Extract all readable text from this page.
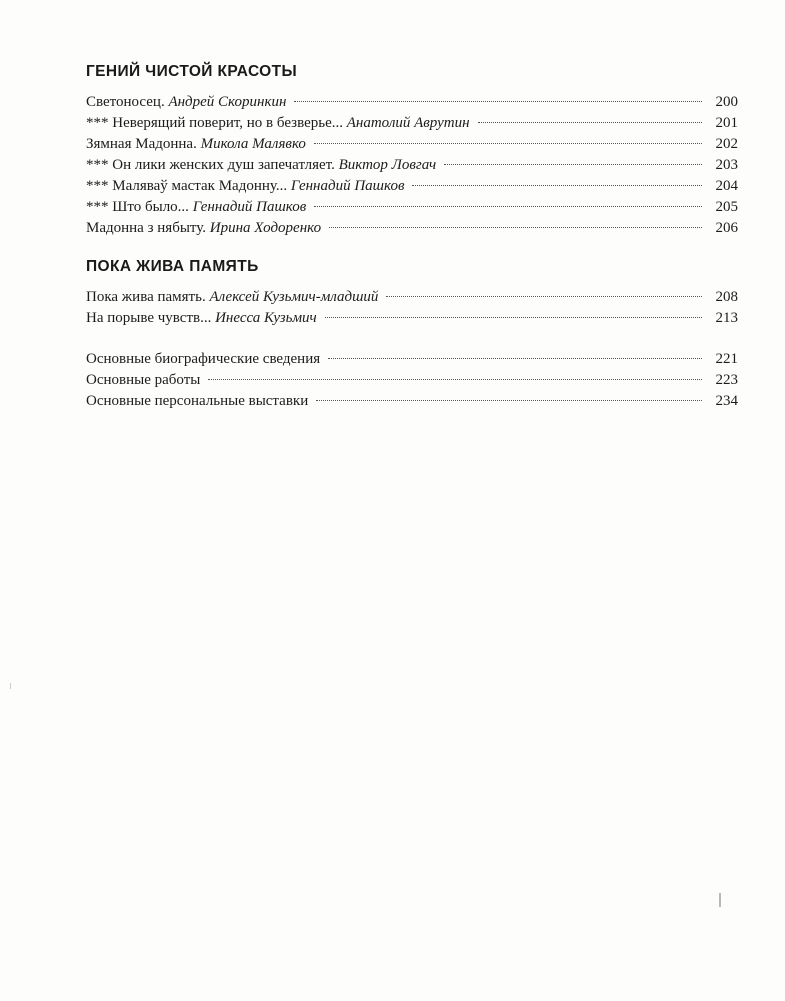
ГЕНИЙ ЧИСТОЙ КРАСОТЫ
Светоносец. Андрей Скоринкин	200
*** Неверящий поверит, но в безверье... Анатолий Аврутин	201
Зямная Мадонна. Микола Малявко	202
*** Он лики женских душ запечатляет. Виктор Ловгач	203
*** Маляваў мастак Мадонну... Геннадий Пашков	204
*** Што было... Геннадий Пашков	205
Мадонна з нябыту. Ирина Ходоренко	206
ПОКА ЖИВА ПАМЯТЬ
Пока жива память. Алексей Кузьмич-младший	208
На порыве чувств... Инесса Кузьмич	213
Основные биографические сведения	221
Основные работы	223
Основные персональные выставки	234
